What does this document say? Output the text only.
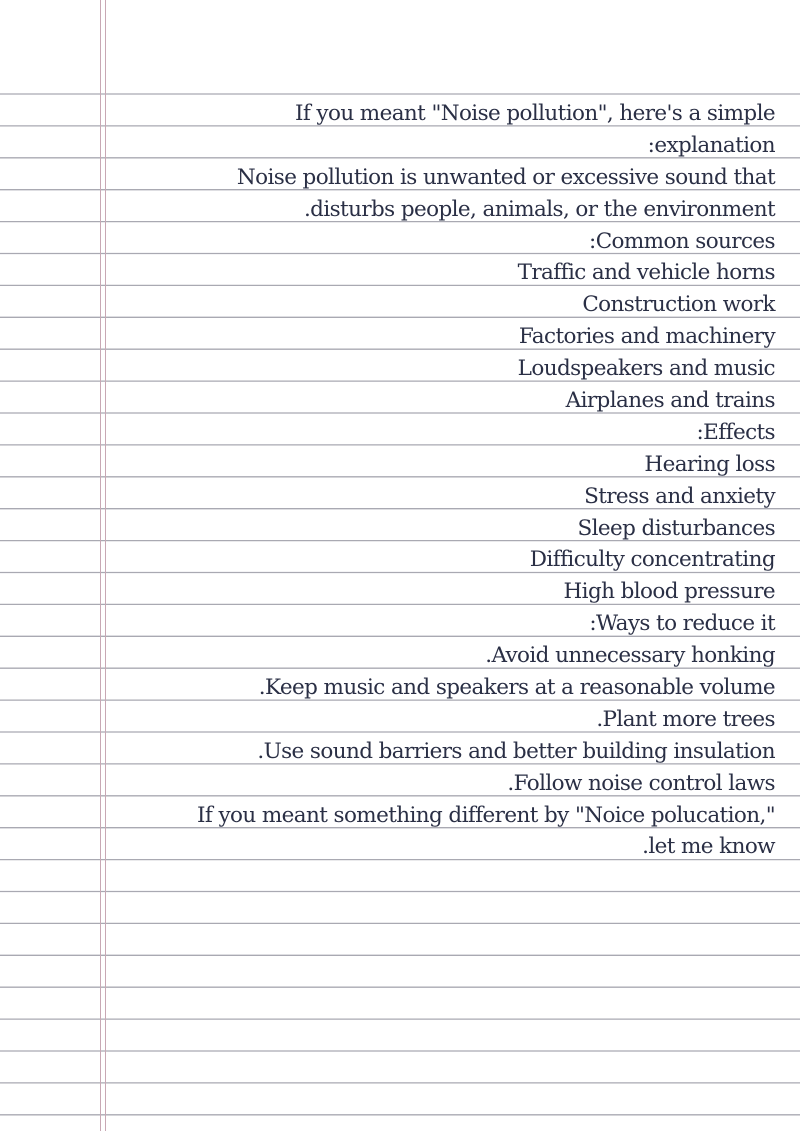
If you meant "Noise pollution", here's a simple
:explanation
Noise pollution is unwanted or excessive sound that
.disturbs people, animals, or the environment
:Common sources
Traffic and vehicle horns
Construction work
Factories and machinery
Loudspeakers and music
Airplanes and trains
:Effects
Hearing loss
Stress and anxiety
Sleep disturbances
Difficulty concentrating
High blood pressure
:Ways to reduce it
.Avoid unnecessary honking
.Keep music and speakers at a reasonable volume
.Plant more trees
.Use sound barriers and better building insulation
.Follow noise control laws
If you meant something different by "Noice polucation,"
.let me know
